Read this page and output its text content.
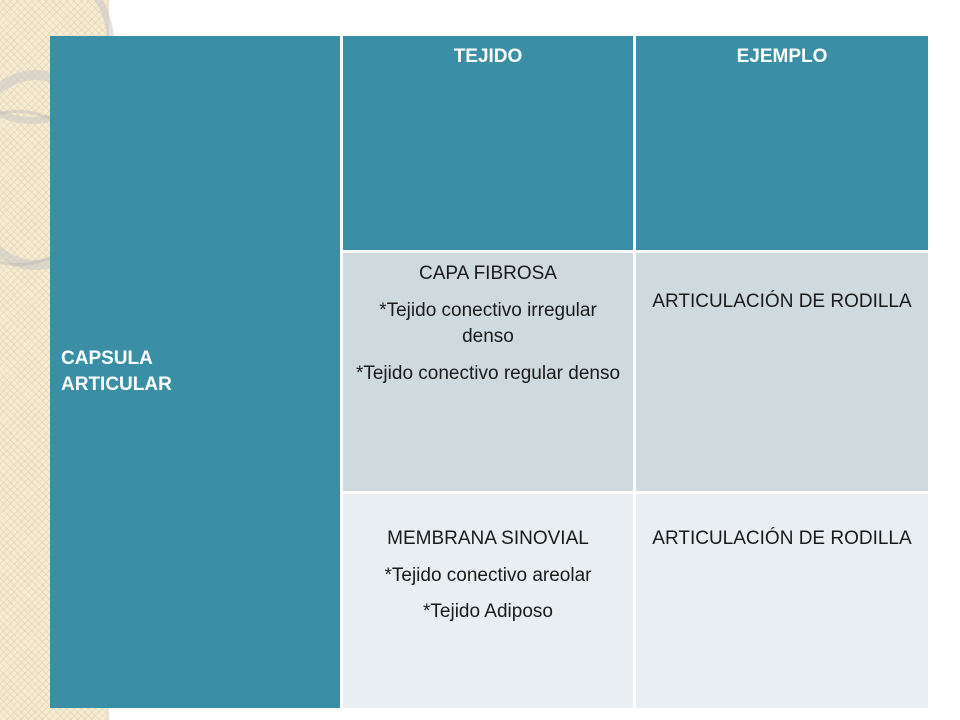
CAPSULA ARTICULAR

TEJIDO	EJEMPLO

CAPA FIBROSA

*Tejido conectivo irregular denso

*Tejido conectivo regular denso

ARTICULACIÓN DE RODILLA

MEMBRANA SINOVIAL

*Tejido conectivo areolar

*Tejido Adiposo

ARTICULACIÓN DE RODILLA
